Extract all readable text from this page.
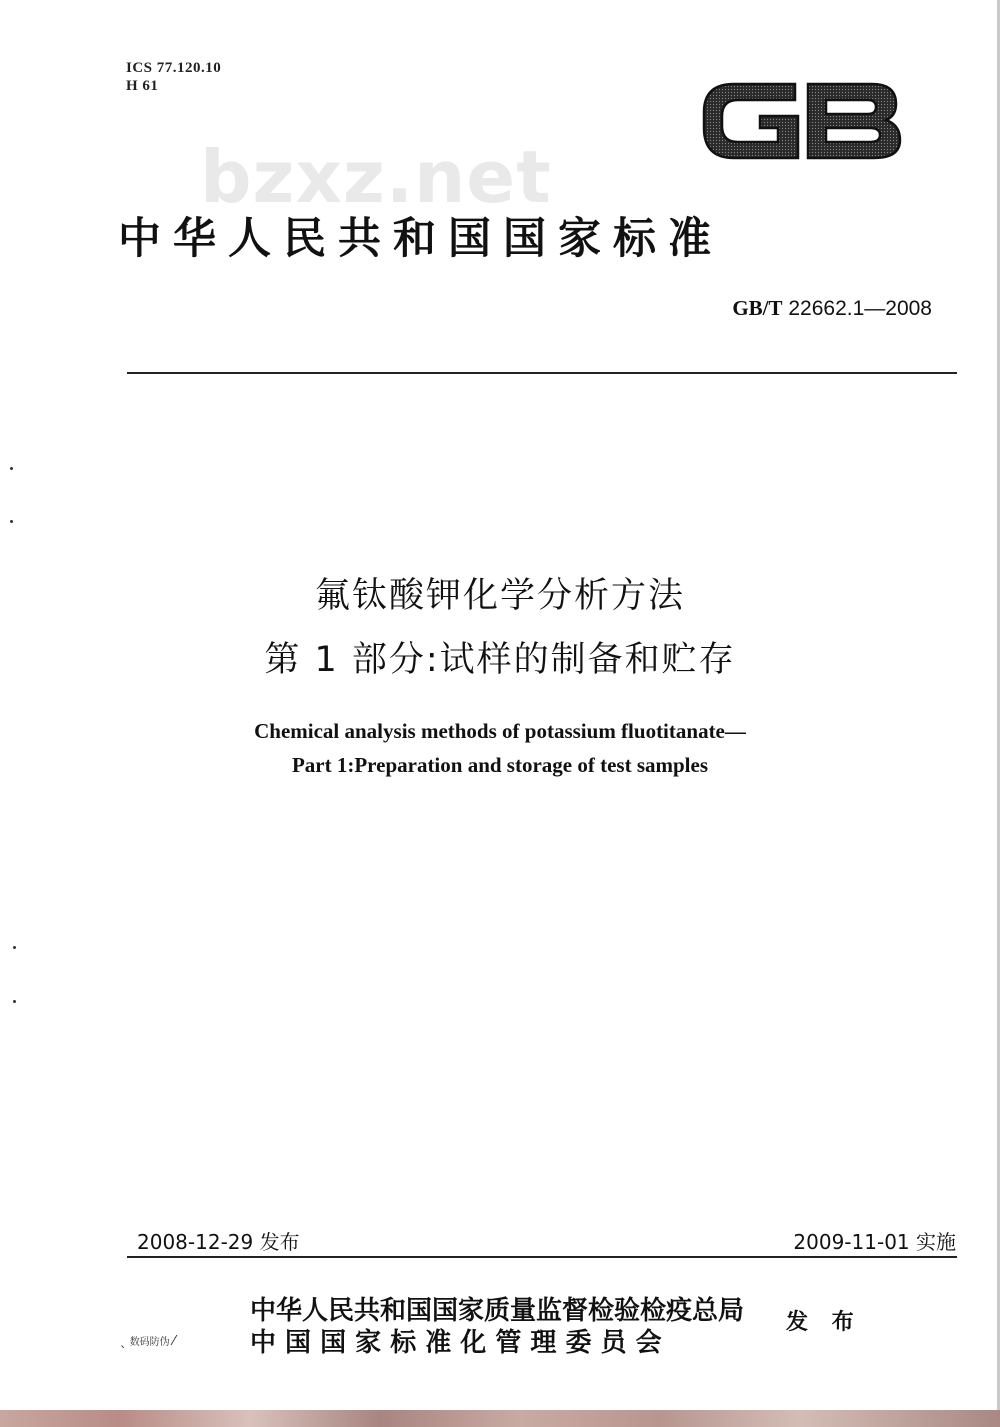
ICS 77.120.10
H 61
bzxz.net
中华人民共和国国家标准
GB/T 22662.1—2008
氟钛酸钾化学分析方法
第 1 部分:试样的制备和贮存
Chemical analysis methods of potassium fluotitanate—
Part 1:Preparation and storage of test samples
2008-12-29 发布	2009-11-01 实施
中华人民共和国国家质量监督检验检疫总局
中 国 国 家 标 准 化 管 理 委 员 会
发 布
ˎ 数码防伪 ⁄
